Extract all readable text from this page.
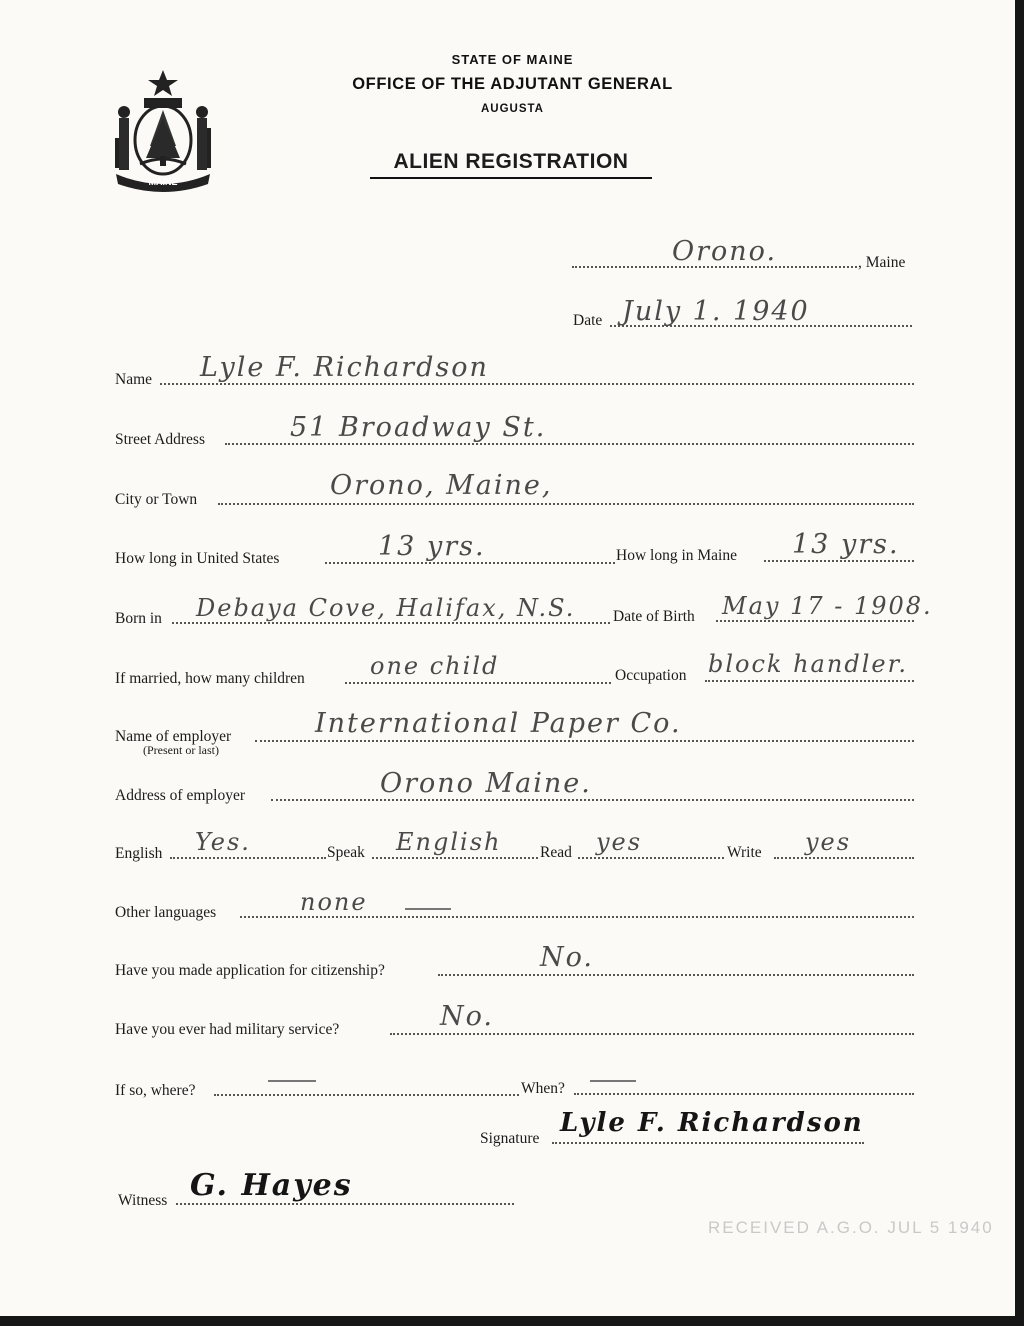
MAINE
STATE OF MAINE
OFFICE OF THE ADJUTANT GENERAL
AUGUSTA
ALIEN REGISTRATION
Orono.	, Maine
Date July 1. 1940
Name Lyle F. Richardson
Street Address	51 Broadway St.
City or Town	Orono, Maine,
How long in United States	13 yrs.	How long in Maine 13 yrs.
Born in Debaya Cove, Halifax, N.S. Date of Birth May 17 - 1908.
If married, how many children	one child	Occupation block handler.
Name of employer
(Present or last)
International Paper Co.
Address of employer	Orono Maine.
English Yes.	Speak English Read yes	Write yes
Other languages	none
Have you made application for citizenship?	No.
Have you ever had military service?	No.
If so, where?	When?
Signature
Lyle F. Richardson
Witness G. Hayes
RECEIVED A.G.O. JUL 5 1940
